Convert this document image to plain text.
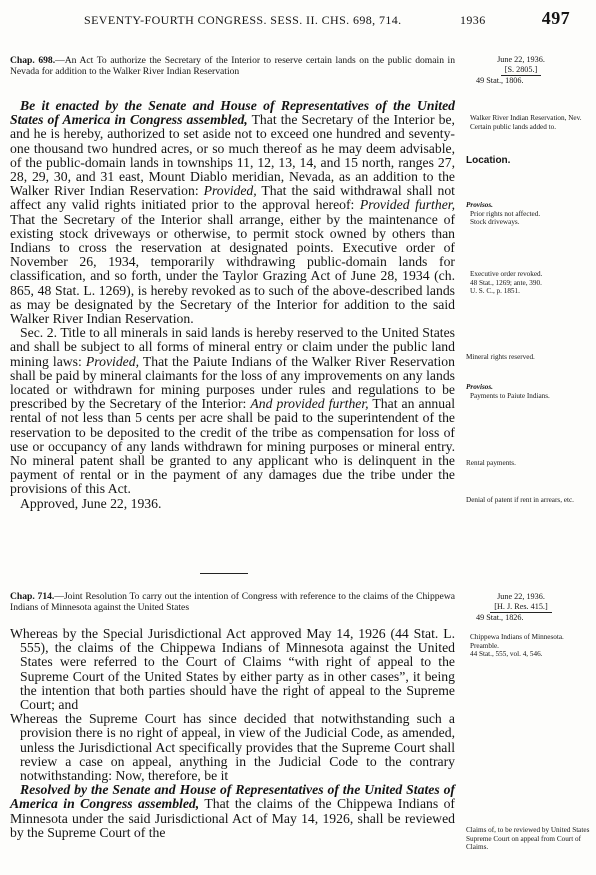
SEVENTY-FOURTH CONGRESS. SESS. II. CHS. 698, 714.	1936	497
Chap. 698.—An Act To authorize the Secretary of the Interior to reserve certain lands on the public domain in Nevada for addition to the Walker River Indian Reservation
June 22, 1936.
[S. 2805.]
49 Stat., 1806.

Be it enacted by the Senate and House of Representatives of the United States of America in Congress assembled, That the Secretary of the Interior be, and he is hereby, authorized to set aside not to exceed one hundred and seventy-one thousand two hundred acres, or so much thereof as he may deem advisable, of the public-domain lands in townships 11, 12, 13, 14, and 15 north, ranges 27, 28, 29, 30, and 31 east, Mount Diablo meridian, Nevada, as an addition to the Walker River Indian Reservation: Provided, That the said withdrawal shall not affect any valid rights initiated prior to the approval hereof: Provided further, That the Secretary of the Interior shall arrange, either by the maintenance of existing stock driveways or otherwise, to permit stock owned by others than Indians to cross the reservation at designated points. Executive order of November 26, 1934, temporarily withdrawing public-domain lands for classification, and so forth, under the Taylor Grazing Act of June 28, 1934 (ch. 865, 48 Stat. L. 1269), is hereby revoked as to such of the above-described lands as may be designated by the Secretary of the Interior for addition to the said Walker River Indian Reservation.

Sec. 2. Title to all minerals in said lands is hereby reserved to the United States and shall be subject to all forms of mineral entry or claim under the public land mining laws: Provided, That the Paiute Indians of the Walker River Reservation shall be paid by mineral claimants for the loss of any improvements on any lands located or withdrawn for mining purposes under rules and regulations to be prescribed by the Secretary of the Interior: And provided further, That an annual rental of not less than 5 cents per acre shall be paid to the superintendent of the reservation to be deposited to the credit of the tribe as compensation for loss of use or occupancy of any lands withdrawn for mining purposes or mineral entry. No mineral patent shall be granted to any applicant who is delinquent in the payment of rental or in the payment of any damages due the tribe under the provisions of this Act.

Approved, June 22, 1936.

Chap. 714.—Joint Resolution To carry out the intention of Congress with reference to the claims of the Chippewa Indians of Minnesota against the United States
June 22, 1936.
[H. J. Res. 415.]
49 Stat., 1826.

Whereas by the Special Jurisdictional Act approved May 14, 1926 (44 Stat. L. 555), the claims of the Chippewa Indians of Minnesota against the United States were referred to the Court of Claims “with right of appeal to the Supreme Court of the United States by either party as in other cases”, it being the intention that both parties should have the right of appeal to the Supreme Court; and

Whereas the Supreme Court has since decided that notwithstanding such a provision there is no right of appeal, in view of the Judicial Code, as amended, unless the Jurisdictional Act specifically provides that the Supreme Court shall review a case on appeal, anything in the Judicial Code to the contrary notwithstanding: Now, therefore, be it

Resolved by the Senate and House of Representatives of the United States of America in Congress assembled, That the claims of the Chippewa Indians of Minnesota under the said Jurisdictional Act of May 14, 1926, shall be reviewed by the Supreme Court of the

Walker River Indian Reservation, Nev.
Certain public lands added to.
Location.
Provisos.
Prior rights not affected.
Stock driveways.
Executive order revoked.
48 Stat., 1269; ante, 390.
U. S. C., p. 1851.
Mineral rights reserved.
Provisos.
Payments to Paiute Indians.
Rental payments.
Denial of patent if rent in arrears, etc.
Chippewa Indians of Minnesota.
Preamble.
44 Stat., 555, vol. 4, 546.
Claims of, to be reviewed by United States Supreme Court on appeal from Court of Claims.
